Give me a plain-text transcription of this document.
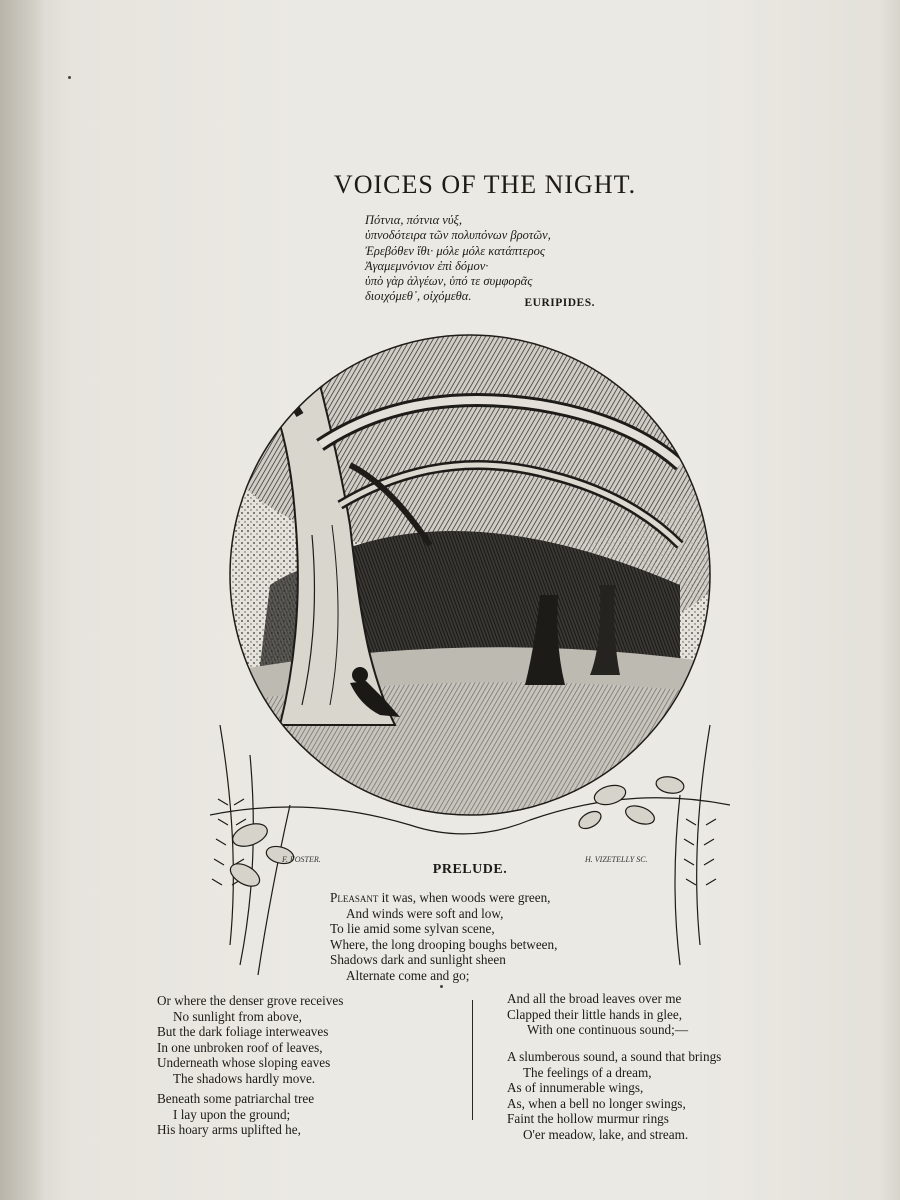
VOICES OF THE NIGHT.
Πότνια, πότνια νύξ,
ὑπνοδότειρα τῶν πολυπόνων βροτῶν,
Ἐρεβόθεν ἴθι· μόλε μόλε κατάπτερος
Ἀγαμεμνόνιον ἐπὶ δόμον·
ὑπὸ γὰρ ἀλγέων, ὑπό τε συμφορᾶς
διοιχόμεθ᾽, οἰχόμεθα.	EURIPIDES.
F. FOSTER.	H. VIZETELLY SC.
PRELUDE.
Pleasant it was, when woods were green,
And winds were soft and low,
To lie amid some sylvan scene,
Where, the long drooping boughs between,
Shadows dark and sunlight sheen
Alternate come and go;
Or where the denser grove receives
No sunlight from above,
But the dark foliage interweaves
In one unbroken roof of leaves,
Underneath whose sloping eaves
The shadows hardly move.
Beneath some patriarchal tree
I lay upon the ground;
His hoary arms uplifted he,
And all the broad leaves over me
Clapped their little hands in glee,
With one continuous sound;—
A slumberous sound, a sound that brings
The feelings of a dream,
As of innumerable wings,
As, when a bell no longer swings,
Faint the hollow murmur rings
O'er meadow, lake, and stream.
